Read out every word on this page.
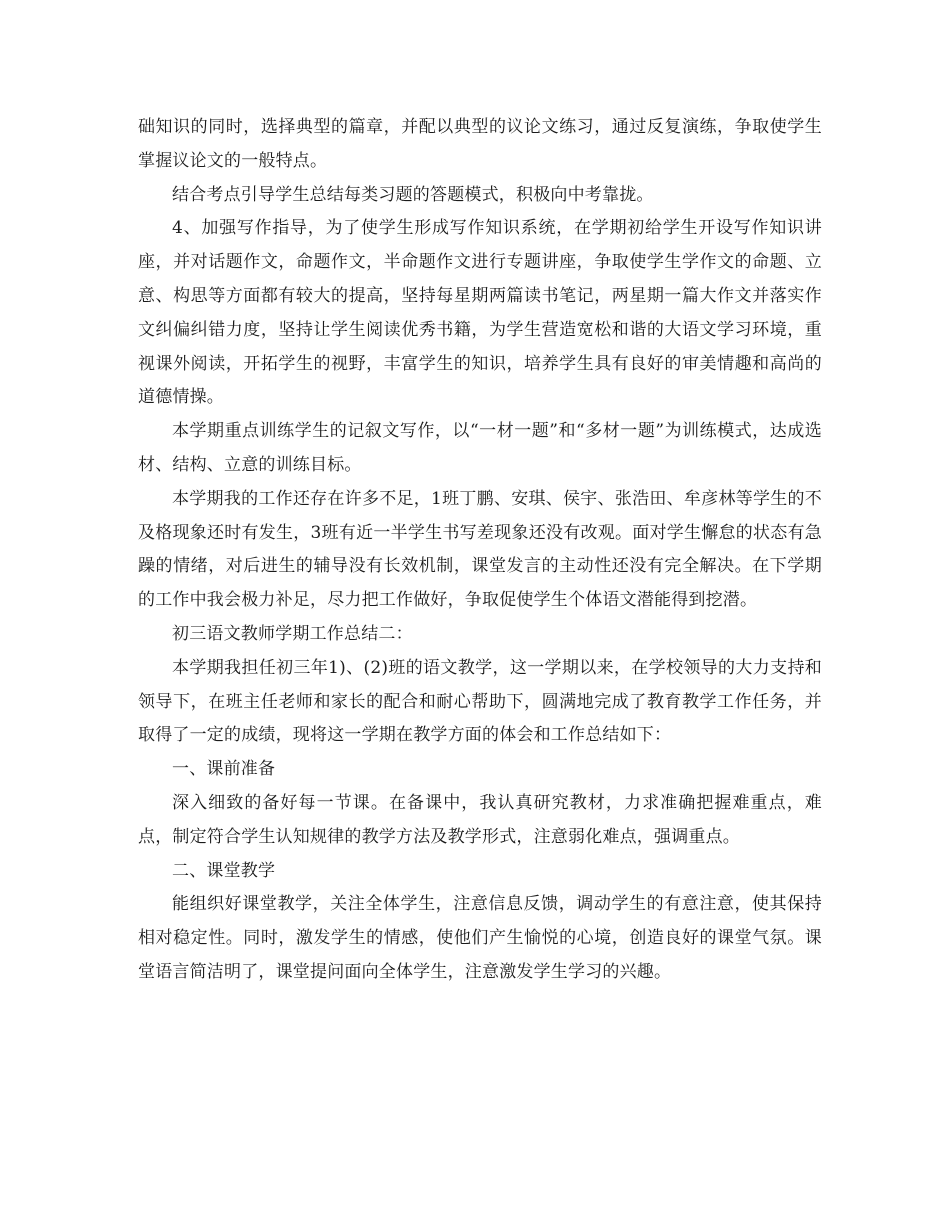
础知识的同时，选择典型的篇章，并配以典型的议论文练习，通过反复演练，争取使学生掌握议论文的一般特点。

结合考点引导学生总结每类习题的答题模式，积极向中考靠拢。

4、加强写作指导，为了使学生形成写作知识系统，在学期初给学生开设写作知识讲座，并对话题作文，命题作文，半命题作文进行专题讲座，争取使学生学作文的命题、立意、构思等方面都有较大的提高，坚持每星期两篇读书笔记，两星期一篇大作文并落实作文纠偏纠错力度，坚持让学生阅读优秀书籍，为学生营造宽松和谐的大语文学习环境，重视课外阅读，开拓学生的视野，丰富学生的知识，培养学生具有良好的审美情趣和高尚的道德情操。

本学期重点训练学生的记叙文写作，以“一材一题”和“多材一题”为训练模式，达成选材、结构、立意的训练目标。

本学期我的工作还存在许多不足，1班丁鹏、安琪、侯宇、张浩田、牟彦林等学生的不及格现象还时有发生，3班有近一半学生书写差现象还没有改观。面对学生懈怠的状态有急躁的情绪，对后进生的辅导没有长效机制，课堂发言的主动性还没有完全解决。在下学期的工作中我会极力补足，尽力把工作做好，争取促使学生个体语文潜能得到挖潜。

初三语文教师学期工作总结二：

本学期我担任初三年1)、(2)班的语文教学，这一学期以来，在学校领导的大力支持和领导下，在班主任老师和家长的配合和耐心帮助下，圆满地完成了教育教学工作任务，并取得了一定的成绩，现将这一学期在教学方面的体会和工作总结如下：

一、课前准备

深入细致的备好每一节课。在备课中，我认真研究教材，力求准确把握难重点，难点，制定符合学生认知规律的教学方法及教学形式，注意弱化难点，强调重点。

二、课堂教学

能组织好课堂教学，关注全体学生，注意信息反馈，调动学生的有意注意，使其保持相对稳定性。同时，激发学生的情感，使他们产生愉悦的心境，创造良好的课堂气氛。课堂语言简洁明了，课堂提问面向全体学生，注意激发学生学习的兴趣。
